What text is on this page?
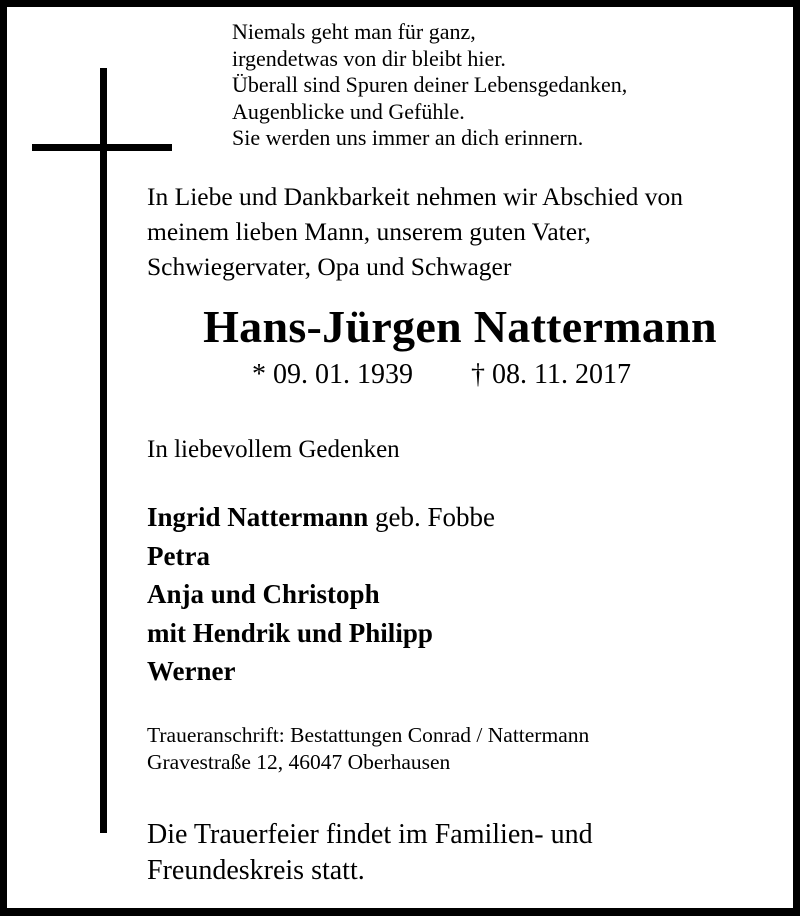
Niemals geht man für ganz,
irgendetwas von dir bleibt hier.
Überall sind Spuren deiner Lebensgedanken,
Augenblicke und Gefühle.
Sie werden uns immer an dich erinnern.
In Liebe und Dankbarkeit nehmen wir Abschied von
meinem lieben Mann, unserem guten Vater,
Schwiegervater, Opa und Schwager
Hans-Jürgen Nattermann
* 09. 01. 1939 † 08. 11. 2017
In liebevollem Gedenken
Ingrid Nattermann geb. Fobbe
Petra
Anja und Christoph
mit Hendrik und Philipp
Werner
Traueranschrift: Bestattungen Conrad / Nattermann
Gravestraße 12, 46047 Oberhausen
Die Trauerfeier findet im Familien- und
Freundeskreis statt.
